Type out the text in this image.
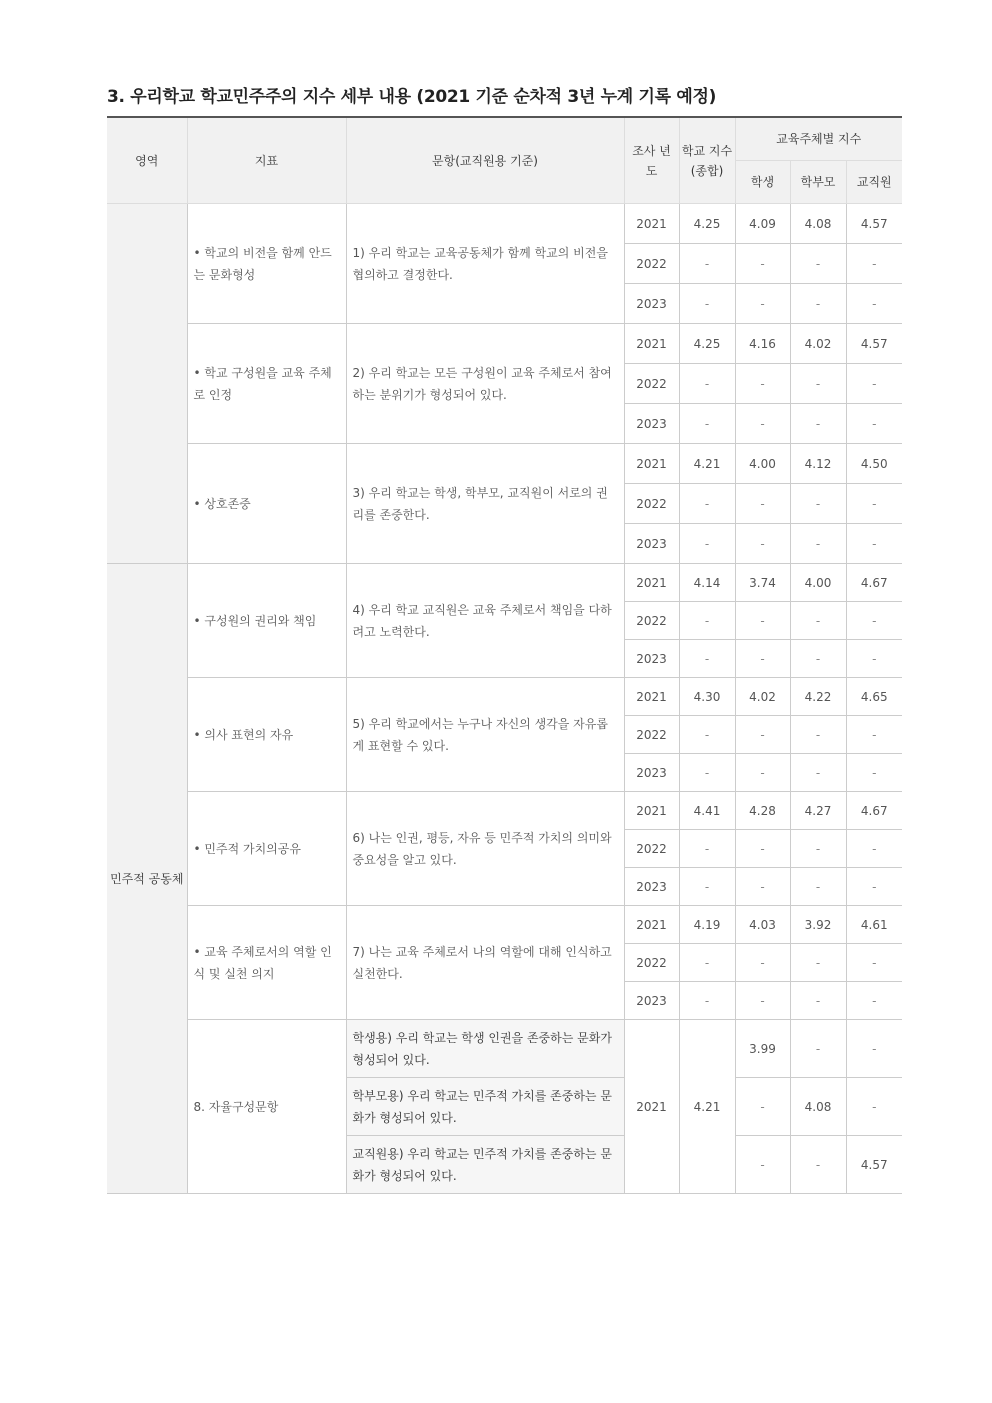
3. 우리학교 학교민주주의 지수 세부 내용 (2021 기준 순차적 3년 누계 기록 예정)
영역	지표	문항(교직원용 기준)	조사 년도	학교 지수(종합)	교육주체별 지수		
					학생	학부모	교직원
	• 학교의 비전을 함께 안드는 문화형성	1) 우리 학교는 교육공동체가 함께 학교의 비전을 협의하고 결정한다.	2021	4.25	4.09	4.08	4.57
			2022	-	-	-	-
			2023	-	-	-	-
	• 학교 구성원을 교육 주체로 인정	2) 우리 학교는 모든 구성원이 교육 주체로서 참여하는 분위기가 형성되어 있다.	2021	4.25	4.16	4.02	4.57
			2022	-	-	-	-
			2023	-	-	-	-
	• 상호존중	3) 우리 학교는 학생, 학부모, 교직원이 서로의 권리를 존중한다.	2021	4.21	4.00	4.12	4.50
			2022	-	-	-	-
			2023	-	-	-	-
민주적 공동체	• 구성원의 권리와 책임	4) 우리 학교 교직원은 교육 주체로서 책임을 다하려고 노력한다.	2021	4.14	3.74	4.00	4.67
			2022	-	-	-	-
			2023	-	-	-	-
	• 의사 표현의 자유	5) 우리 학교에서는 누구나 자신의 생각을 자유롭게 표현할 수 있다.	2021	4.30	4.02	4.22	4.65
			2022	-	-	-	-
			2023	-	-	-	-
	• 민주적 가치의공유	6) 나는 인권, 평등, 자유 등 민주적 가치의 의미와 중요성을 알고 있다.	2021	4.41	4.28	4.27	4.67
			2022	-	-	-	-
			2023	-	-	-	-
	• 교육 주체로서의 역할 인식 및 실천 의지	7) 나는 교육 주체로서 나의 역할에 대해 인식하고 실천한다.	2021	4.19	4.03	3.92	4.61
			2022	-	-	-	-
			2023	-	-	-	-
	8. 자율구성문항	학생용) 우리 학교는 학생 인권을 존중하는 문화가 형성되어 있다.	2021	4.21	3.99	-	-
		학부모용) 우리 학교는 민주적 가치를 존중하는 문화가 형성되어 있다.			-	4.08	-
		교직원용) 우리 학교는 민주적 가치를 존중하는 문화가 형성되어 있다.			-	-	4.57
